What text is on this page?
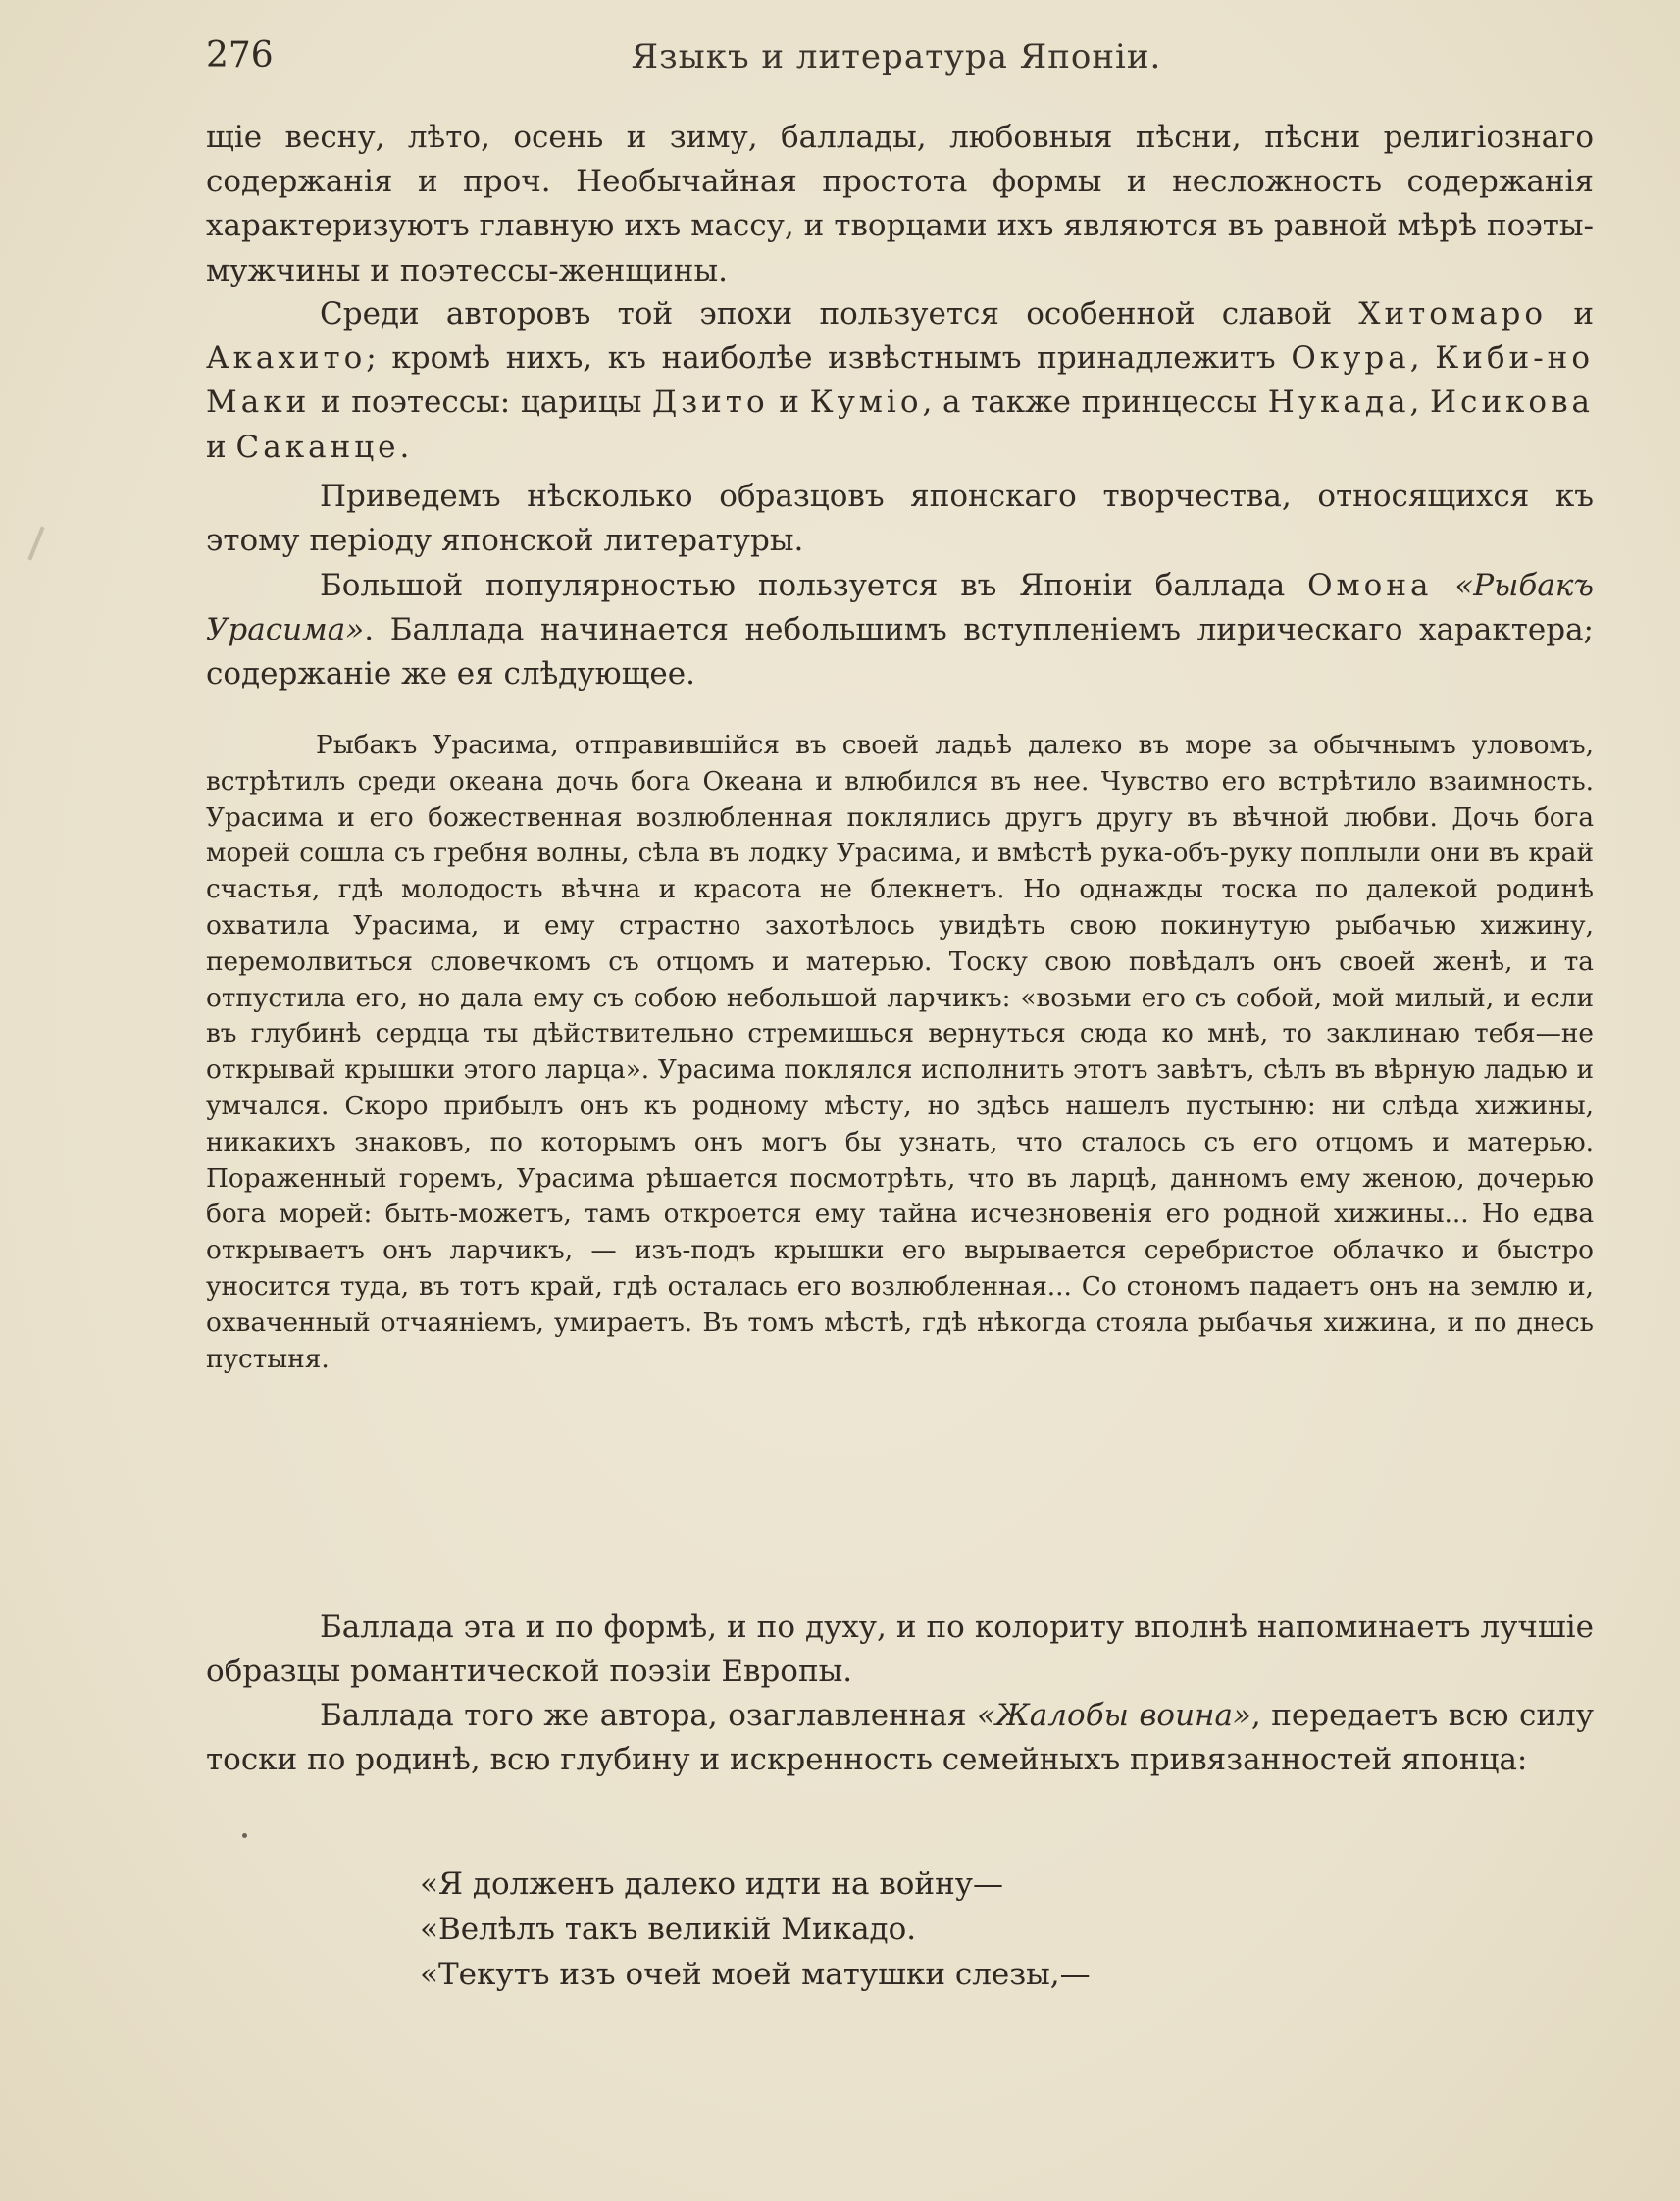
276	Языкъ и литература Японіи.

щіе весну, лѣто, осень и зиму, баллады, любовныя пѣсни, пѣсни религіознаго содержанія и проч. Необычайная простота формы и несложность содержанія характеризуютъ главную ихъ массу, и творцами ихъ являются въ равной мѣрѣ поэты-мужчины и поэтессы-женщины.

Среди авторовъ той эпохи пользуется особенной славой Хитомаро и Акахито; кромѣ нихъ, къ наиболѣе извѣстнымъ принадлежитъ Окура, Киби-но Маки и поэтессы: царицы Дзито и Куміо, а также принцессы Нукада, Исикова и Саканце.

Приведемъ нѣсколько образцовъ японскаго творчества, относящихся къ этому періоду японской литературы.

Большой популярностью пользуется въ Японіи баллада Омона «Рыбакъ Урасима». Баллада начинается небольшимъ вступленіемъ лирическаго характера; содержаніе же ея слѣдующее.

Рыбакъ Урасима, отправившійся въ своей ладьѣ далеко въ море за обычнымъ уловомъ, встрѣтилъ среди океана дочь бога Океана и влюбился въ нее. Чувство его встрѣтило взаимность. Урасима и его божественная возлюбленная поклялись другъ другу въ вѣчной любви. Дочь бога морей сошла съ гребня волны, сѣла въ лодку Урасима, и вмѣстѣ рука-объ-руку поплыли они въ край счастья, гдѣ молодость вѣчна и красота не блекнетъ. Но однажды тоска по далекой родинѣ охватила Урасима, и ему страстно захотѣлось увидѣть свою покинутую рыбачью хижину, перемолвиться словечкомъ съ отцомъ и матерью. Тоску свою повѣдалъ онъ своей женѣ, и та отпустила его, но дала ему съ собою небольшой ларчикъ: «возьми его съ собой, мой милый, и если въ глубинѣ сердца ты дѣйствительно стремишься вернуться сюда ко мнѣ, то заклинаю тебя—не открывай крышки этого ларца». Урасима поклялся исполнить этотъ завѣтъ, сѣлъ въ вѣрную ладью и умчался. Скоро прибылъ онъ къ родному мѣсту, но здѣсь нашелъ пустыню: ни слѣда хижины, никакихъ знаковъ, по которымъ онъ могъ бы узнать, что сталось съ его отцомъ и матерью. Пораженный горемъ, Урасима рѣшается посмотрѣть, что въ ларцѣ, данномъ ему женою, дочерью бога морей: быть-можетъ, тамъ откроется ему тайна исчезновенія его родной хижины... Но едва открываетъ онъ ларчикъ, — изъ-подъ крышки его вырывается серебристое облачко и быстро уносится туда, въ тотъ край, гдѣ осталась его возлюбленная... Со стономъ падаетъ онъ на землю и, охваченный отчаяніемъ, умираетъ. Въ томъ мѣстѣ, гдѣ нѣкогда стояла рыбачья хижина, и по днесь пустыня.

Баллада эта и по формѣ, и по духу, и по колориту вполнѣ напоминаетъ лучшіе образцы романтической поэзіи Европы.

Баллада того же автора, озаглавленная «Жалобы воина», передаетъ всю силу тоски по родинѣ, всю глубину и искренность семейныхъ привязанностей японца:

«Я долженъ далеко идти на войну—
«Велѣлъ такъ великій Микадо.
«Текутъ изъ очей моей матушки слезы,—
